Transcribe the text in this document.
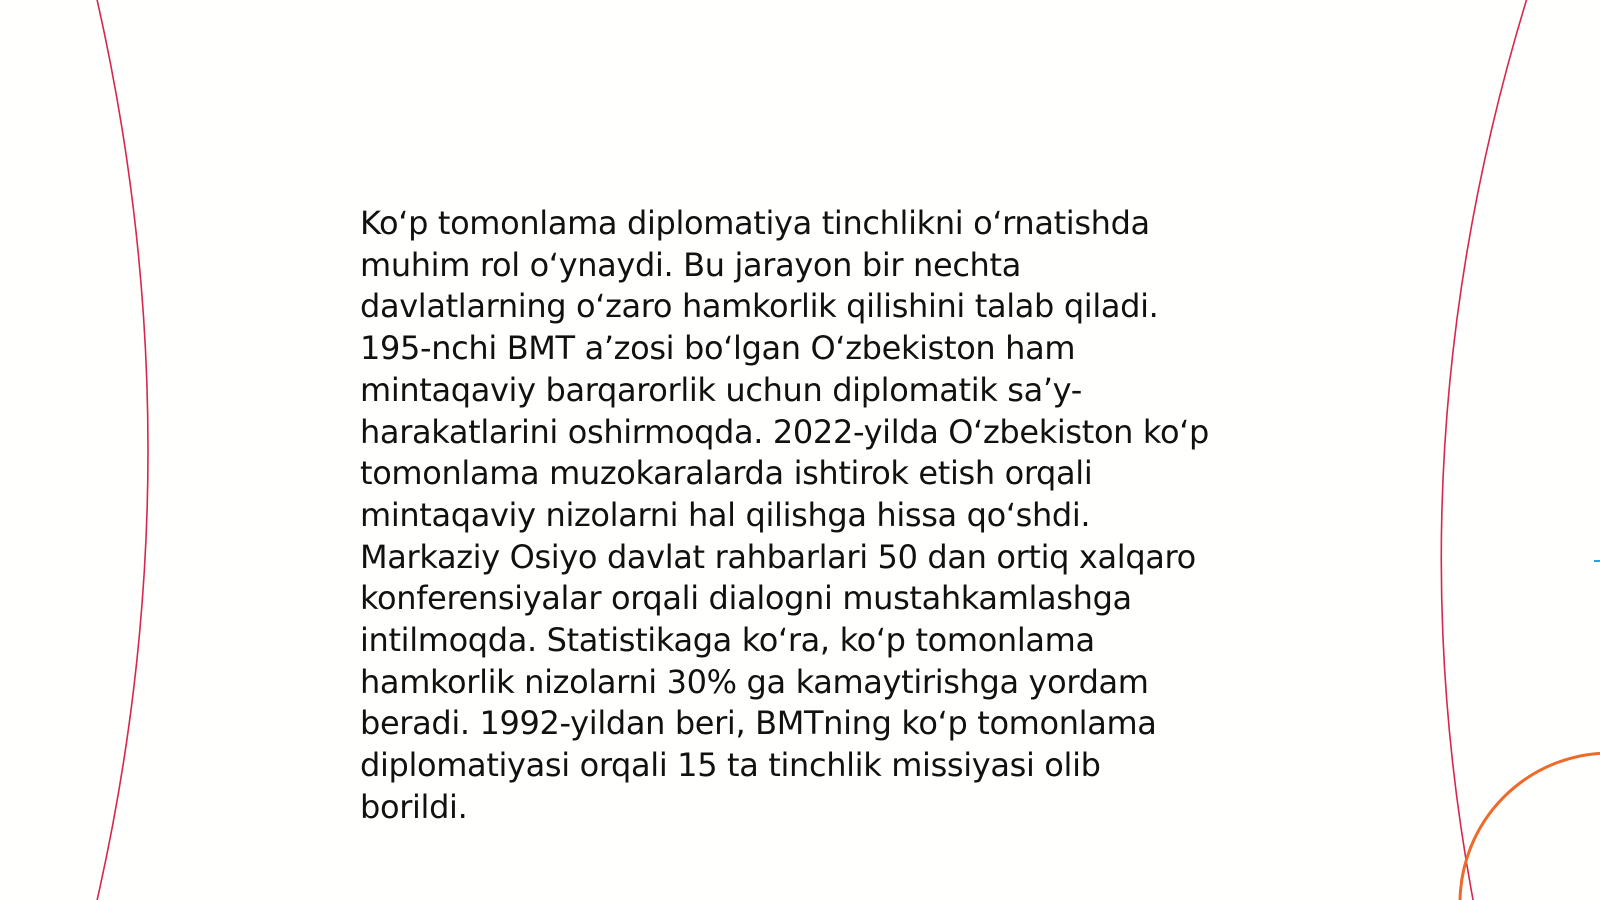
Ko‘p tomonlama diplomatiya tinchlikni o‘rnatishda
muhim rol o‘ynaydi. Bu jarayon bir nechta
davlatlarning o‘zaro hamkorlik qilishini talab qiladi.
195-nchi BMT a’zosi bo‘lgan O‘zbekiston ham
mintaqaviy barqarorlik uchun diplomatik sa’y-
harakatlarini oshirmoqda. 2022-yilda O‘zbekiston ko‘p
tomonlama muzokaralarda ishtirok etish orqali
mintaqaviy nizolarni hal qilishga hissa qo‘shdi.
Markaziy Osiyo davlat rahbarlari 50 dan ortiq xalqaro
konferensiyalar orqali dialogni mustahkamlashga
intilmoqda. Statistikaga ko‘ra, ko‘p tomonlama
hamkorlik nizolarni 30% ga kamaytirishga yordam
beradi. 1992-yildan beri, BMTning ko‘p tomonlama
diplomatiyasi orqali 15 ta tinchlik missiyasi olib
borildi.
